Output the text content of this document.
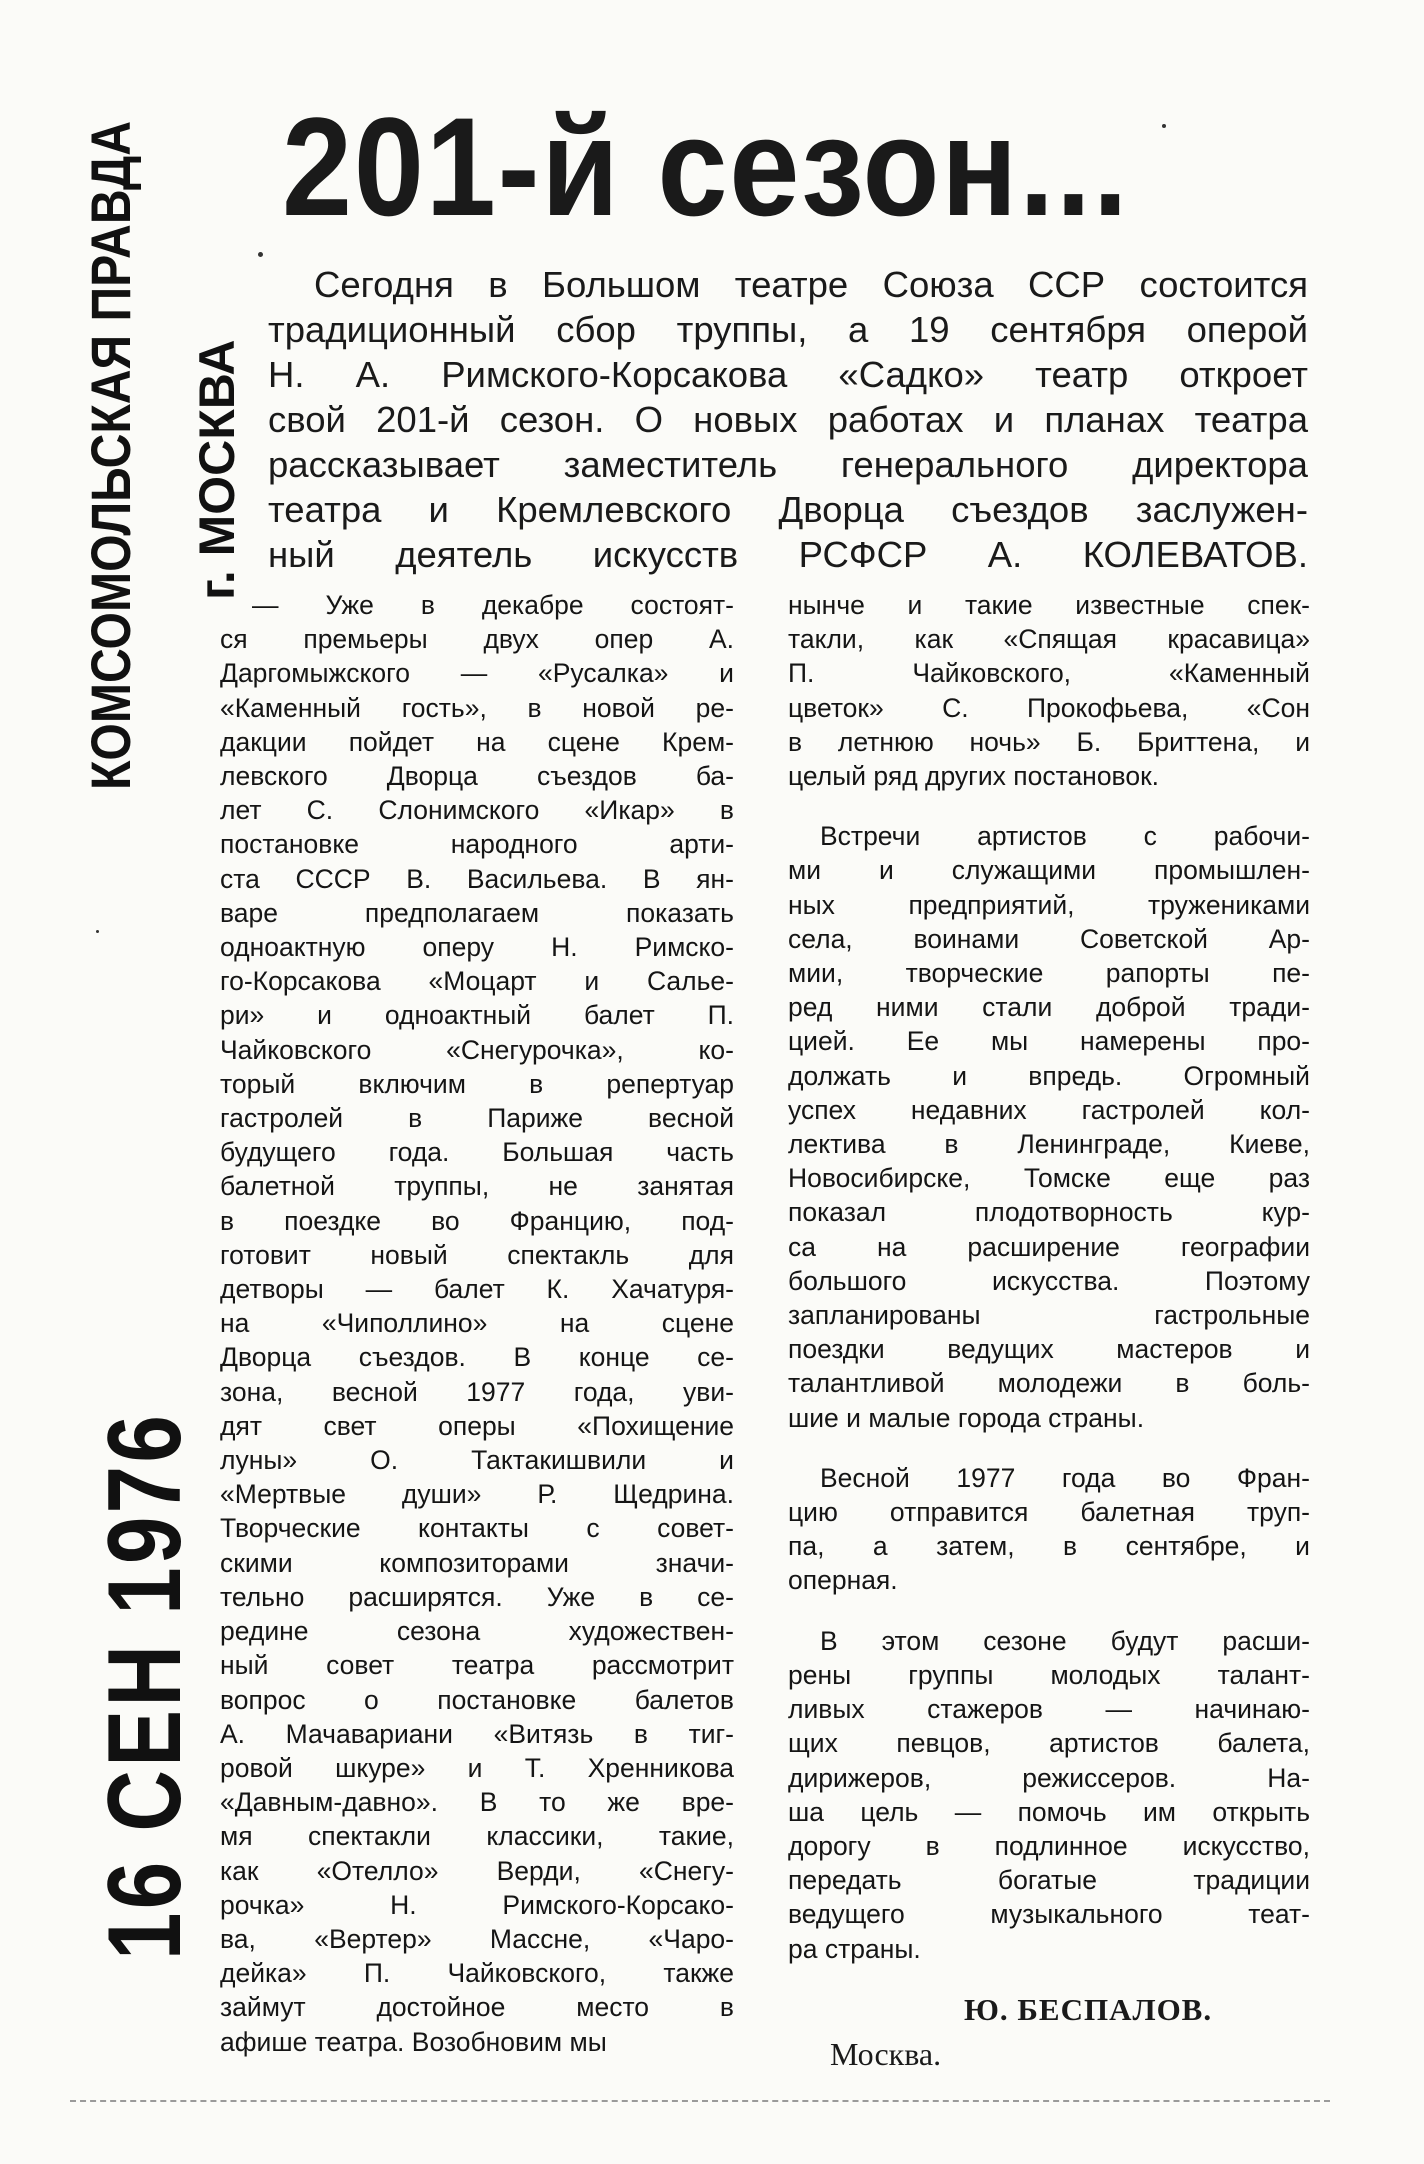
КОМСОМОЛЬСКАЯ ПРАВДА г. МОСКВА
16 СЕН 1976
201-й сезон...
Сегодня в Большом театре Союза ССР состоится
традиционный сбор труппы, а 19 сентября оперой
Н. А. Римского-Корсакова «Садко» театр откроет
свой 201-й сезон. О новых работах и планах театра
рассказывает заместитель генерального директора
театра и Кремлевского Дворца съездов заслужен-
ный деятель искусств РСФСР А. КОЛЕВАТОВ.

— Уже в декабре состоят-
ся премьеры двух опер А.
Даргомыжского — «Русалка» и
«Каменный гость», в новой ре-
дакции пойдет на сцене Крем-
левского Дворца съездов ба-
лет С. Слонимского «Икар» в
постановке народного арти-
ста СССР В. Васильева. В ян-
варе предполагаем показать
одноактную оперу Н. Римско-
го-Корсакова «Моцарт и Салье-
ри» и одноактный балет П.
Чайковского «Снегурочка», ко-
торый включим в репертуар
гастролей в Париже весной
будущего года. Большая часть
балетной труппы, не занятая
в поездке во Францию, под-
готовит новый спектакль для
детворы — балет К. Хачатуря-
на «Чиполлино» на сцене
Дворца съездов. В конце се-
зона, весной 1977 года, уви-
дят свет оперы «Похищение
луны» О. Тактакишвили и
«Мертвые души» Р. Щедрина.
Творческие контакты с совет-
скими композиторами значи-
тельно расширятся. Уже в се-
редине сезона художествен-
ный совет театра рассмотрит
вопрос о постановке балетов
А. Мачавариани «Витязь в тиг-
ровой шкуре» и Т. Хренникова
«Давным-давно». В то же вре-
мя спектакли классики, такие,
как «Отелло» Верди, «Снегу-
рочка» Н. Римского-Корсако-
ва, «Вертер» Массне, «Чаро-
дейка» П. Чайковского, также
займут достойное место в
афише театра. Возобновим мы

нынче и такие известные спек-
такли, как «Спящая красавица»
П. Чайковского, «Каменный
цветок» С. Прокофьева, «Сон
в летнюю ночь» Б. Бриттена, и
целый ряд других постановок.

Встречи артистов с рабочи-
ми и служащими промышлен-
ных предприятий, тружениками
села, воинами Советской Ар-
мии, творческие рапорты пе-
ред ними стали доброй тради-
цией. Ее мы намерены про-
должать и впредь. Огромный
успех недавних гастролей кол-
лектива в Ленинграде, Киеве,
Новосибирске, Томске еще раз
показал плодотворность кур-
са на расширение географии
большого искусства. Поэтому
запланированы гастрольные
поездки ведущих мастеров и
талантливой молодежи в боль-
шие и малые города страны.

Весной 1977 года во Фран-
цию отправится балетная труп-
па, а затем, в сентябре, и
оперная.

В этом сезоне будут расши-
рены группы молодых талант-
ливых стажеров — начинаю-
щих певцов, артистов балета,
дирижеров, режиссеров. На-
ша цель — помочь им открыть
дорогу в подлинное искусство,
передать богатые традиции
ведущего музыкального теат-
ра страны.

Ю. БЕСПАЛОВ.
Москва.
